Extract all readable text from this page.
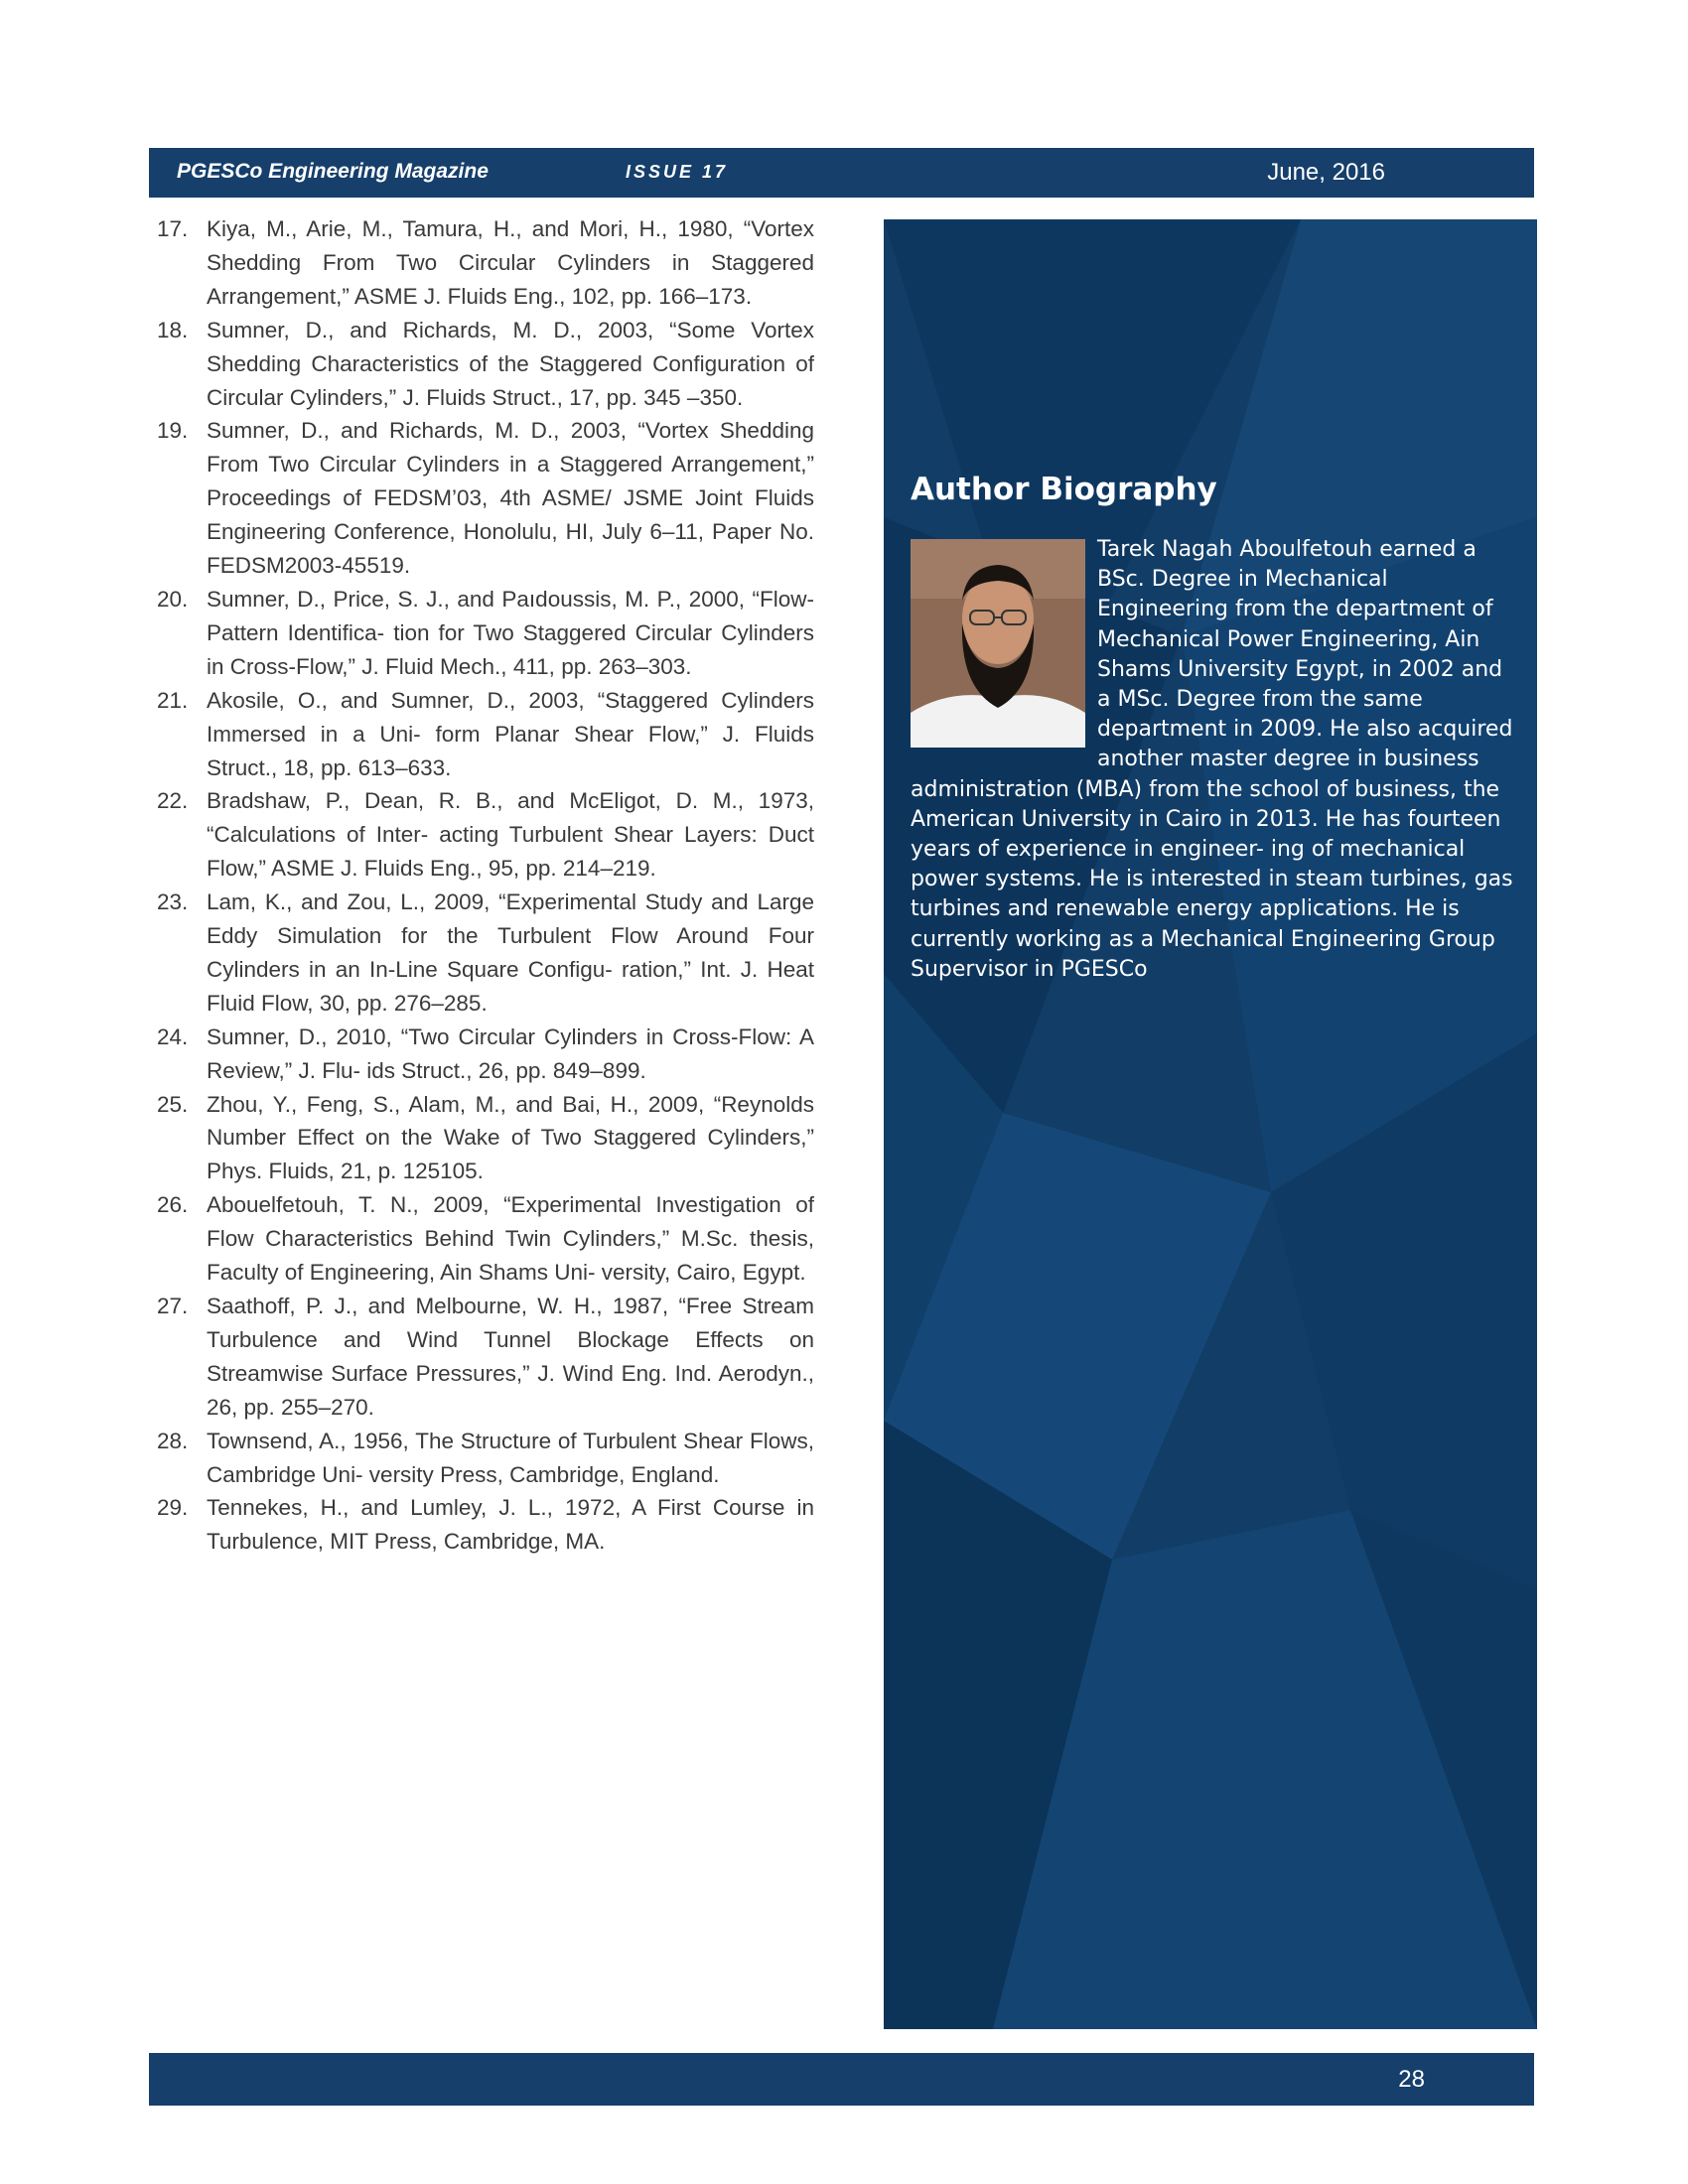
PGESCo Engineering Magazine	ISSUE 17	June, 2016
17. Kiya, M., Arie, M., Tamura, H., and Mori, H., 1980, “Vortex Shedding From Two Circular Cylinders in Staggered Arrangement,” ASME J. Fluids Eng., 102, pp. 166–173.
18. Sumner, D., and Richards, M. D., 2003, “Some Vortex Shedding Characteristics of the Staggered Configuration of Circular Cylinders,” J. Fluids Struct., 17, pp. 345 –350.
19. Sumner, D., and Richards, M. D., 2003, “Vortex Shedding From Two Circular Cylinders in a Staggered Arrangement,” Proceedings of FEDSM’03, 4th ASME/ JSME Joint Fluids Engineering Conference, Honolulu, HI, July 6–11, Paper No. FEDSM2003-45519.
20. Sumner, D., Price, S. J., and Paıdoussis, M. P., 2000, “Flow-Pattern Identifica- tion for Two Staggered Circular Cylinders in Cross-Flow,” J. Fluid Mech., 411, pp. 263–303.
21. Akosile, O., and Sumner, D., 2003, “Staggered Cylinders Immersed in a Uni- form Planar Shear Flow,” J. Fluids Struct., 18, pp. 613–633.
22. Bradshaw, P., Dean, R. B., and McEligot, D. M., 1973, “Calculations of Inter- acting Turbulent Shear Layers: Duct Flow,” ASME J. Fluids Eng., 95, pp. 214–219.
23. Lam, K., and Zou, L., 2009, “Experimental Study and Large Eddy Simulation for the Turbulent Flow Around Four Cylinders in an In-Line Square Configu- ration,” Int. J. Heat Fluid Flow, 30, pp. 276–285.
24. Sumner, D., 2010, “Two Circular Cylinders in Cross-Flow: A Review,” J. Flu- ids Struct., 26, pp. 849–899.
25. Zhou, Y., Feng, S., Alam, M., and Bai, H., 2009, “Reynolds Number Effect on the Wake of Two Staggered Cylinders,” Phys. Fluids, 21, p. 125105.
26. Abouelfetouh, T. N., 2009, “Experimental Investigation of Flow Characteristics Behind Twin Cylinders,” M.Sc. thesis, Faculty of Engineering, Ain Shams Uni- versity, Cairo, Egypt.
27. Saathoff, P. J., and Melbourne, W. H., 1987, “Free Stream Turbulence and Wind Tunnel Blockage Effects on Streamwise Surface Pressures,” J. Wind Eng. Ind. Aerodyn., 26, pp. 255–270.
28. Townsend, A., 1956, The Structure of Turbulent Shear Flows, Cambridge Uni- versity Press, Cambridge, England.
29. Tennekes, H., and Lumley, J. L., 1972, A First Course in Turbulence, MIT Press, Cambridge, MA.
Author Biography
Tarek Nagah Aboulfetouh earned a BSc. Degree in Mechanical Engineering from the department of Mechanical Power Engineering, Ain Shams University Egypt, in 2002 and a MSc. Degree from the same department in 2009. He also acquired another master degree in business administration (MBA) from the school of business, the American University in Cairo in 2013. He has fourteen years of experience in engineer- ing of mechanical power systems. He is interested in steam turbines, gas turbines and renewable energy applications. He is currently working as a Mechanical Engineering Group Supervisor in PGESCo
28
